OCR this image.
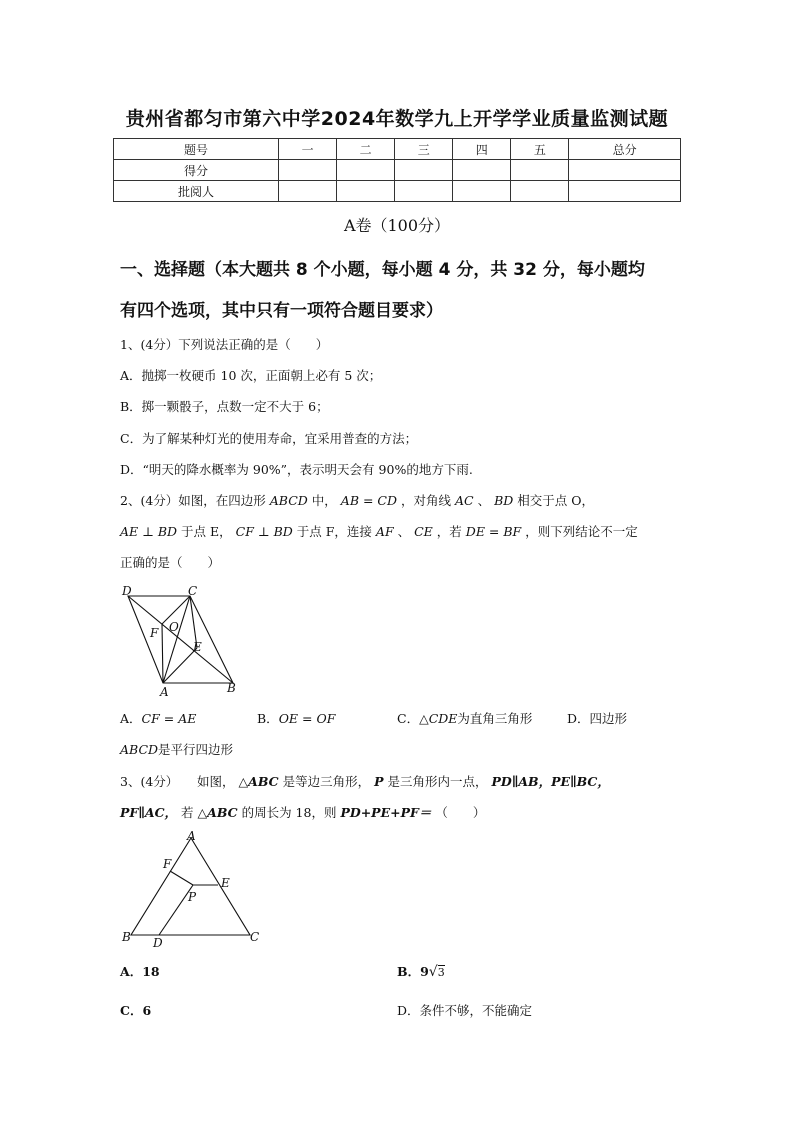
贵州省都匀市第六中学2024年数学九上开学学业质量监测试题
题号	一	二	三	四	五	总分
得分						
批阅人						
A卷（100分）
一、选择题（本大题共 8 个小题，每小题 4 分，共 32 分，每小题均
有四个选项，其中只有一项符合题目要求）
1、(4分）下列说法正确的是（　　）
A．抛掷一枚硬币 10 次，正面朝上必有 5 次；
B．掷一颗骰子，点数一定不大于 6；
C．为了解某种灯光的使用寿命，宜采用普查的方法；
D．“明天的降水概率为 90%”，表示明天会有 90%的地方下雨.
2、(4分）如图，在四边形 ABCD 中， AB = CD ，对角线 AC 、 BD 相交于点 O，
AE ⊥ BD 于点 E， CF ⊥ BD 于点 F，连接 AF 、 CE ，若 DE = BF ，则下列结论不一定
正确的是（　　）
D	C
F O
E
A	B
A．CF = AE	B．OE = OF	C．△CDE为直角三角形	D．四边形
ABCD是平行四边形
3、(4分）　　如图， △ABC 是等边三角形， P 是三角形内一点， PD∥AB，PE∥BC，
PF∥AC， 若 △ABC 的周长为 18，则 PD+PE+PF＝ （　　）
A
F
E
P
B D	C
A．18	B．9√3
C．6	D．条件不够，不能确定
